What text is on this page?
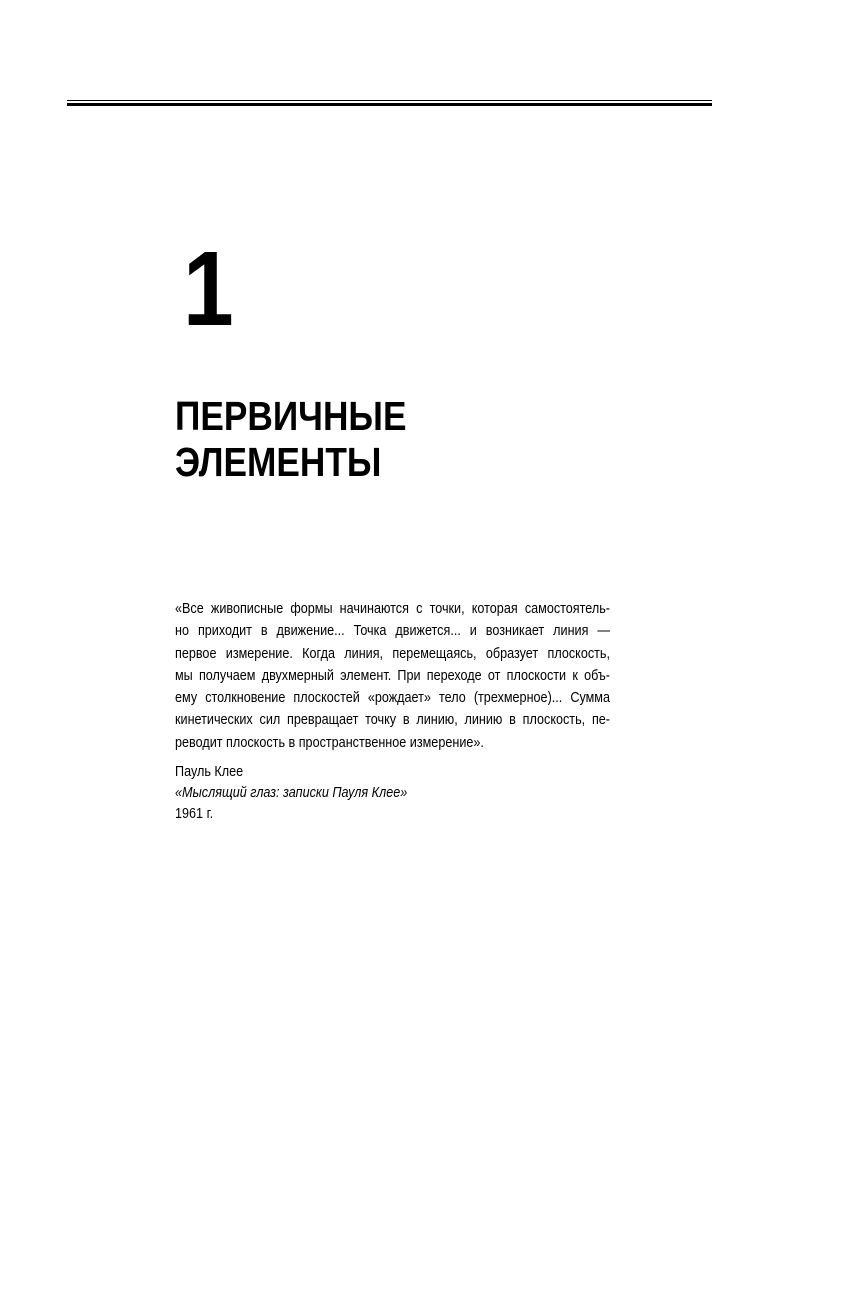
1
ПЕРВИЧНЫЕ
ЭЛЕМЕНТЫ
«Все живописные формы начинаются с точки, которая самостоятель-
но приходит в движение... Точка движется... и возникает линия —
первое измерение. Когда линия, перемещаясь, образует плоскость,
мы получаем двухмерный элемент. При переходе от плоскости к объ-
ему столкновение плоскостей «рождает» тело (трехмерное)... Сумма
кинетических сил превращает точку в линию, линию в плоскость, пе-
реводит плоскость в пространственное измерение».
Пауль Клее
«Мыслящий глаз: записки Пауля Клее»
1961 г.
